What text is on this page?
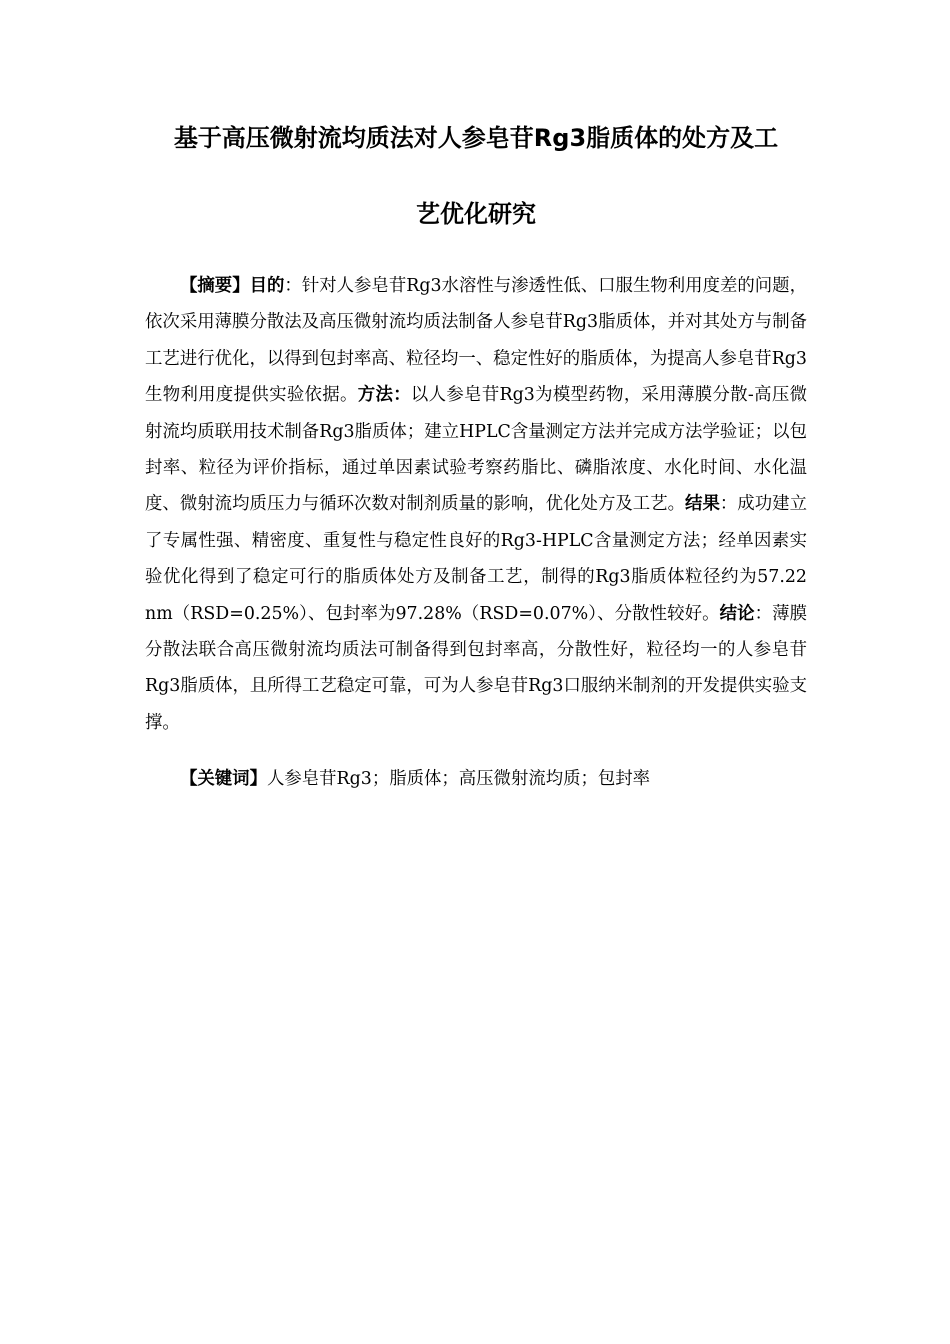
基于高压微射流均质法对人参皂苷Rg3脂质体的处方及工
艺优化研究

【摘要】目的：针对人参皂苷Rg3水溶性与渗透性低、口服生物利用度差的问题，依次采用薄膜分散法及高压微射流均质法制备人参皂苷Rg3脂质体，并对其处方与制备工艺进行优化，以得到包封率高、粒径均一、稳定性好的脂质体，为提高人参皂苷Rg3生物利用度提供实验依据。方法：以人参皂苷Rg3为模型药物，采用薄膜分散-高压微射流均质联用技术制备Rg3脂质体；建立HPLC含量测定方法并完成方法学验证；以包封率、粒径为评价指标，通过单因素试验考察药脂比、磷脂浓度、水化时间、水化温度、微射流均质压力与循环次数对制剂质量的影响，优化处方及工艺。结果：成功建立了专属性强、精密度、重复性与稳定性良好的Rg3-HPLC含量测定方法；经单因素实验优化得到了稳定可行的脂质体处方及制备工艺，制得的Rg3脂质体粒径约为57.22 nm（RSD=0.25%）、包封率为97.28%（RSD=0.07%）、分散性较好。结论：薄膜分散法联合高压微射流均质法可制备得到包封率高，分散性好，粒径均一的人参皂苷Rg3脂质体，且所得工艺稳定可靠，可为人参皂苷Rg3口服纳米制剂的开发提供实验支撑。

【关键词】人参皂苷Rg3；脂质体；高压微射流均质；包封率
